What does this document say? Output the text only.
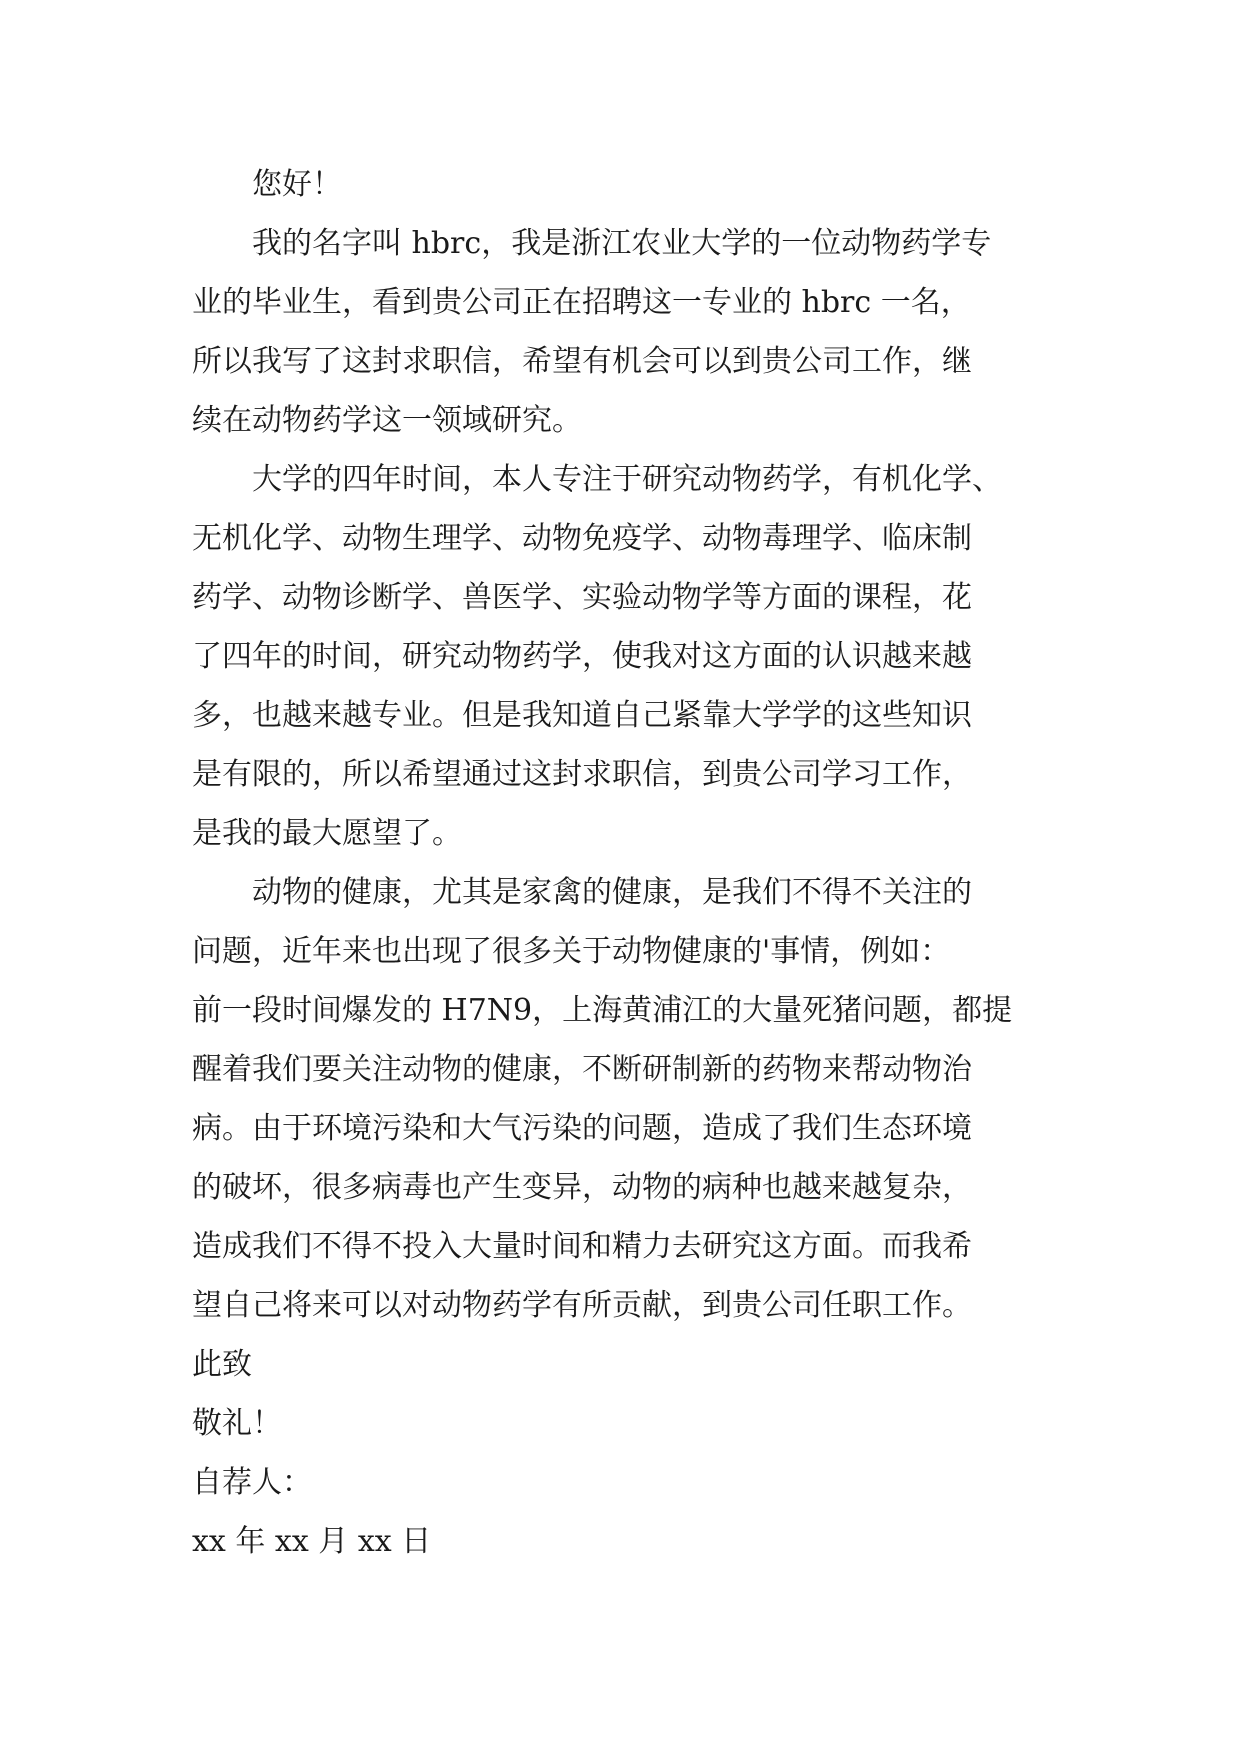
您好！
我的名字叫 hbrc，我是浙江农业大学的一位动物药学专
业的毕业生，看到贵公司正在招聘这一专业的 hbrc 一名，
所以我写了这封求职信，希望有机会可以到贵公司工作，继
续在动物药学这一领域研究。
大学的四年时间，本人专注于研究动物药学，有机化学、
无机化学、动物生理学、动物免疫学、动物毒理学、临床制
药学、动物诊断学、兽医学、实验动物学等方面的课程，花
了四年的时间，研究动物药学，使我对这方面的认识越来越
多，也越来越专业。但是我知道自己紧靠大学学的这些知识
是有限的，所以希望通过这封求职信，到贵公司学习工作，
是我的最大愿望了。
动物的健康，尤其是家禽的健康，是我们不得不关注的
问题，近年来也出现了很多关于动物健康的'事情，例如：
前一段时间爆发的 H7N9，上海黄浦江的大量死猪问题，都提
醒着我们要关注动物的健康，不断研制新的药物来帮动物治
病。由于环境污染和大气污染的问题，造成了我们生态环境
的破坏，很多病毒也产生变异，动物的病种也越来越复杂，
造成我们不得不投入大量时间和精力去研究这方面。而我希
望自己将来可以对动物药学有所贡献，到贵公司任职工作。
此致
敬礼！
自荐人：
xx 年 xx 月 xx 日
